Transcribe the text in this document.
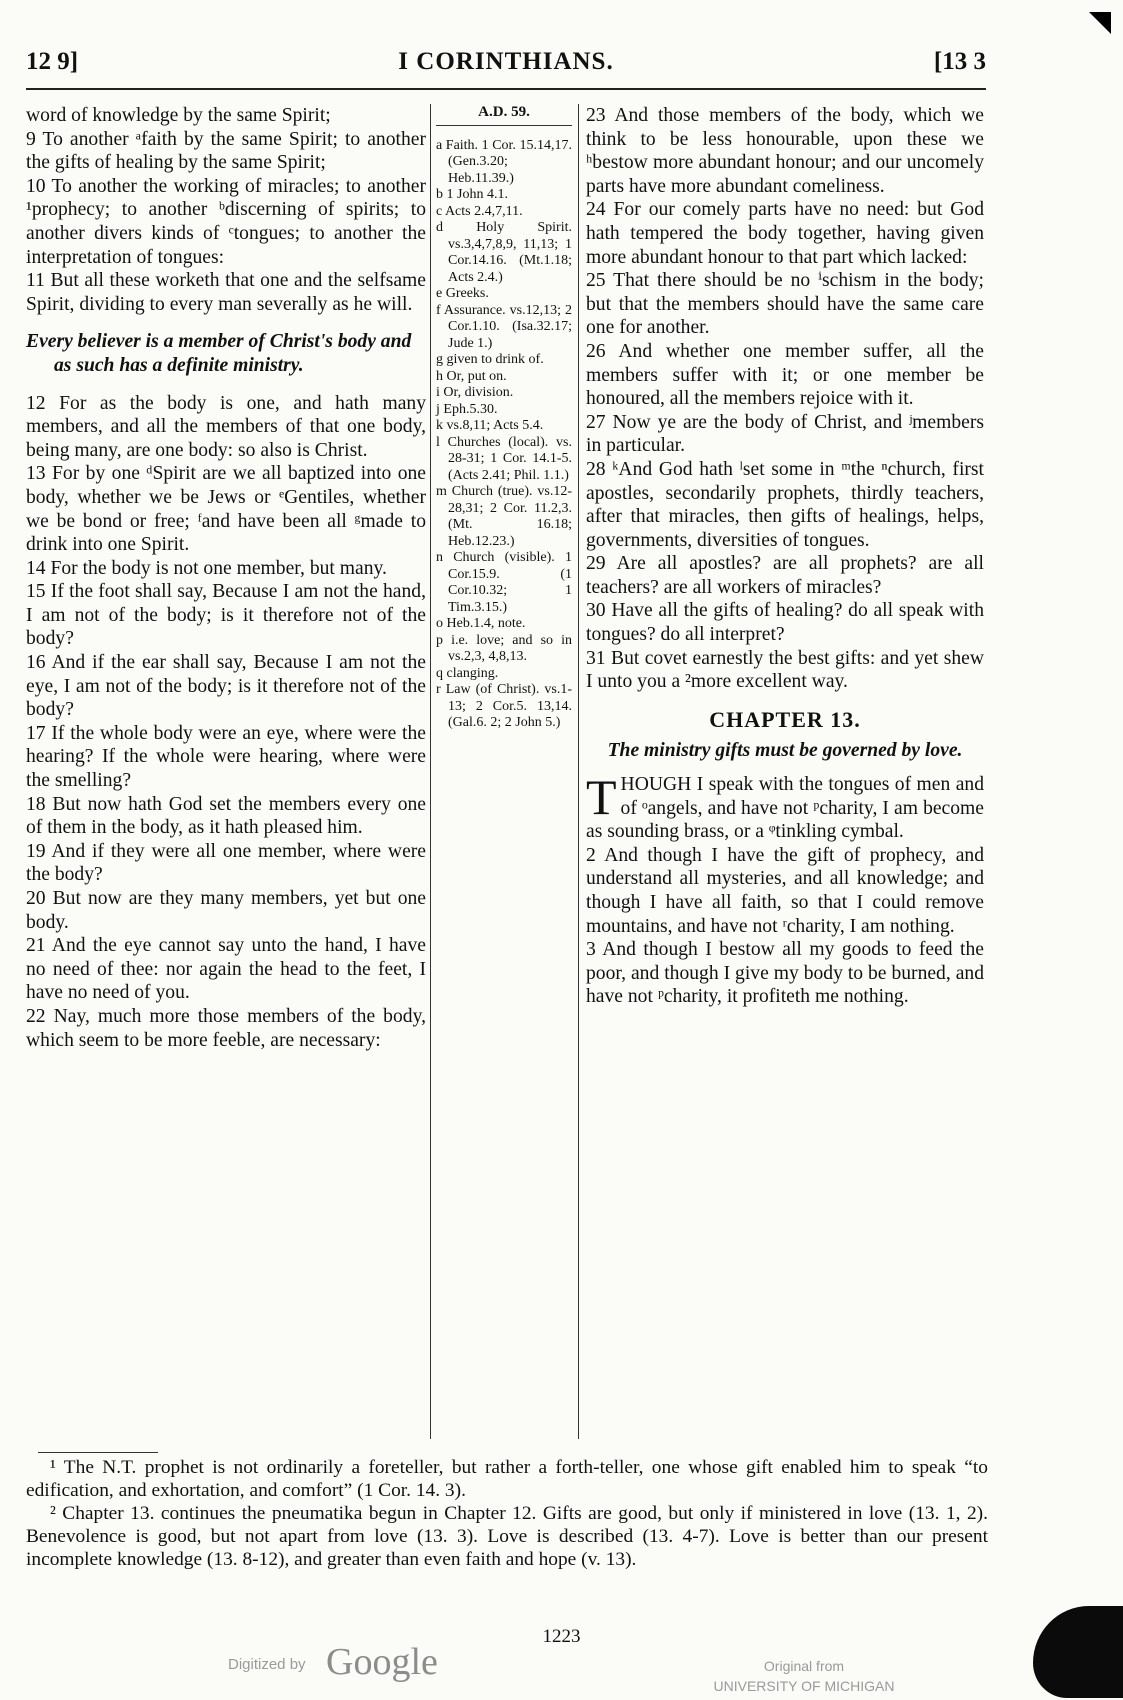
12 9]	I CORINTHIANS.	[13 3

word of knowledge by the same Spirit;

9 To another ᵃfaith by the same Spirit; to another the gifts of healing by the same Spirit;

10 To another the working of miracles; to another ¹prophecy; to another ᵇdiscerning of spirits; to another divers kinds of ᶜtongues; to another the interpretation of tongues:

11 But all these worketh that one and the selfsame Spirit, dividing to every man severally as he will.

Every believer is a member of Christ's body and as such has a definite ministry.

12 For as the body is one, and hath many members, and all the members of that one body, being many, are one body: so also is Christ.

13 For by one ᵈSpirit are we all baptized into one body, whether we be Jews or ᵉGentiles, whether we be bond or free; ᶠand have been all ᵍmade to drink into one Spirit.

14 For the body is not one member, but many.

15 If the foot shall say, Because I am not the hand, I am not of the body; is it therefore not of the body?

16 And if the ear shall say, Because I am not the eye, I am not of the body; is it therefore not of the body?

17 If the whole body were an eye, where were the hearing? If the whole were hearing, where were the smelling?

18 But now hath God set the members every one of them in the body, as it hath pleased him.

19 And if they were all one member, where were the body?

20 But now are they many members, yet but one body.

21 And the eye cannot say unto the hand, I have no need of thee: nor again the head to the feet, I have no need of you.

22 Nay, much more those members of the body, which seem to be more feeble, are necessary:

A.D. 59.

a Faith. 1 Cor. 15.14,17. (Gen.3.20; Heb.11.39.)

b 1 John 4.1.

c Acts 2.4,7,11.

d Holy Spirit. vs.3,4,7,8,9, 11,13; 1 Cor.14.16. (Mt.1.18; Acts 2.4.)

e Greeks.

f Assurance. vs.12,13; 2 Cor.1.10. (Isa.32.17; Jude 1.)

g given to drink of.

h Or, put on.

i Or, division.

j Eph.5.30.

k vs.8,11; Acts 5.4.

l Churches (local). vs. 28-31; 1 Cor. 14.1-5. (Acts 2.41; Phil. 1.1.)

m Church (true). vs.12-28,31; 2 Cor. 11.2,3. (Mt. 16.18; Heb.12.23.)

n Church (visible). 1 Cor.15.9. (1 Cor.10.32; 1 Tim.3.15.)

o Heb.1.4, note.

p i.e. love; and so in vs.2,3, 4,8,13.

q clanging.

r Law (of Christ). vs.1-13; 2 Cor.5. 13,14. (Gal.6. 2; 2 John 5.)

23 And those members of the body, which we think to be less honourable, upon these we ʰbestow more abundant honour; and our uncomely parts have more abundant comeliness.

24 For our comely parts have no need: but God hath tempered the body together, having given more abundant honour to that part which lacked:

25 That there should be no ⁱschism in the body; but that the members should have the same care one for another.

26 And whether one member suffer, all the members suffer with it; or one member be honoured, all the members rejoice with it.

27 Now ye are the body of Christ, and ʲmembers in particular.

28 ᵏAnd God hath ˡset some in ᵐthe ⁿchurch, first apostles, secondarily prophets, thirdly teachers, after that miracles, then gifts of healings, helps, governments, diversities of tongues.

29 Are all apostles? are all prophets? are all teachers? are all workers of miracles?

30 Have all the gifts of healing? do all speak with tongues? do all interpret?

31 But covet earnestly the best gifts: and yet shew I unto you a ²more excellent way.

CHAPTER 13.

The ministry gifts must be governed by love.

THOUGH I speak with the tongues of men and of ᵒangels, and have not ᵖcharity, I am become as sounding brass, or a ᵠtinkling cymbal.

2 And though I have the gift of prophecy, and understand all mysteries, and all knowledge; and though I have all faith, so that I could remove mountains, and have not ʳcharity, I am nothing.

3 And though I bestow all my goods to feed the poor, and though I give my body to be burned, and have not ᵖcharity, it profiteth me nothing.

¹ The N.T. prophet is not ordinarily a foreteller, but rather a forth-teller, one whose gift enabled him to speak “to edification, and exhortation, and comfort” (1 Cor. 14. 3).

² Chapter 13. continues the pneumatika begun in Chapter 12. Gifts are good, but only if ministered in love (13. 1, 2). Benevolence is good, but not apart from love (13. 3). Love is described (13. 4-7). Love is better than our present incomplete knowledge (13. 8-12), and greater than even faith and hope (v. 13).

1223
Digitized by Google	Original from
UNIVERSITY OF MICHIGAN
